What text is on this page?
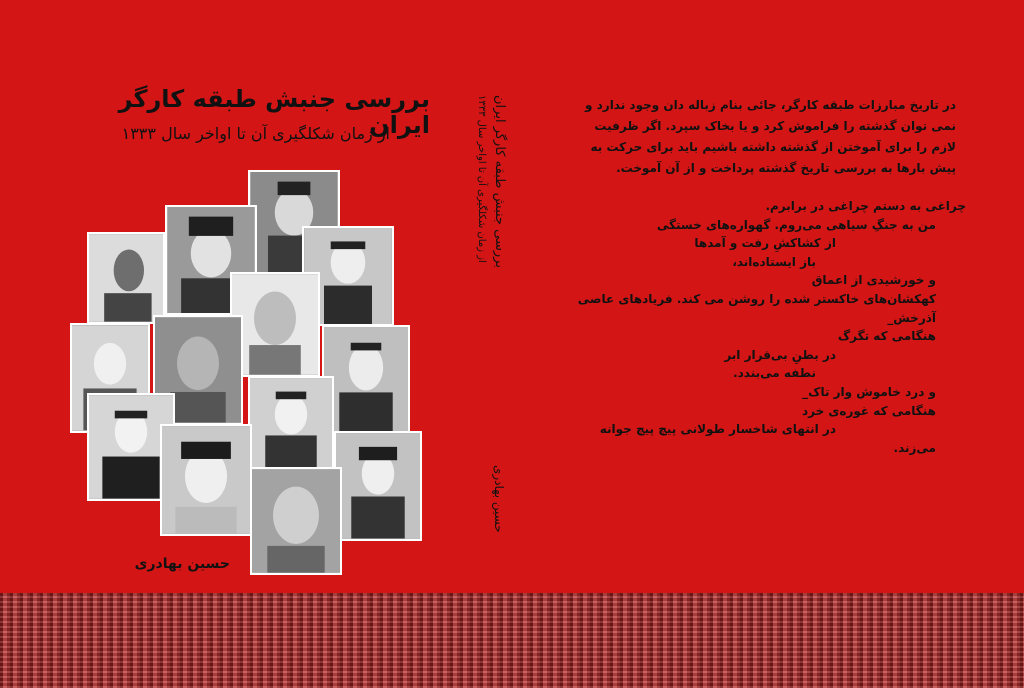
بررسی جنبش طبقه کارگر ایران

از زمان شکلگیری آن تا اواخر سال ۱۳۳۳

حسین بهادری
بررسی جنبش طبقه کارگر ایران
از زمان شکلگیری آن تا اواخر سال ۱۳۳۳
حسین بهادری

در تاریخ مبارزات طبقه کارگر، جائی بنام زباله دان وجود ندارد و نمی توان گذشته را فراموش کرد و یا بخاک سپرد. اگر ظرفیت لازم را برای آموختن از گذشته داشته باشیم باید برای حرکت به پیش بارها به بررسی تاریخ گذشته پرداخت و از آن آموخت.

چراغی به دستم چراغی در برابرم.

من به جنگِ سیاهی می‌روم. گهواره‌های خستگی

از کشاکشِ رفت و آمدها

باز ایستاده‌اند،

و خورشیدی از اعماق

کهکشان‌های خاکستر شده را روشن می کند. فریادهای عاصی

آذرخش_

هنگامی که تگرگ

در بطنِ بی‌قرار ابر

نطفه می‌بندد.

و درد خاموش وار تاک_

هنگامی که غوره‌ی خرد

در انتهای شاخسار طولانی پیچ پیچ جوانه

می‌زند.
